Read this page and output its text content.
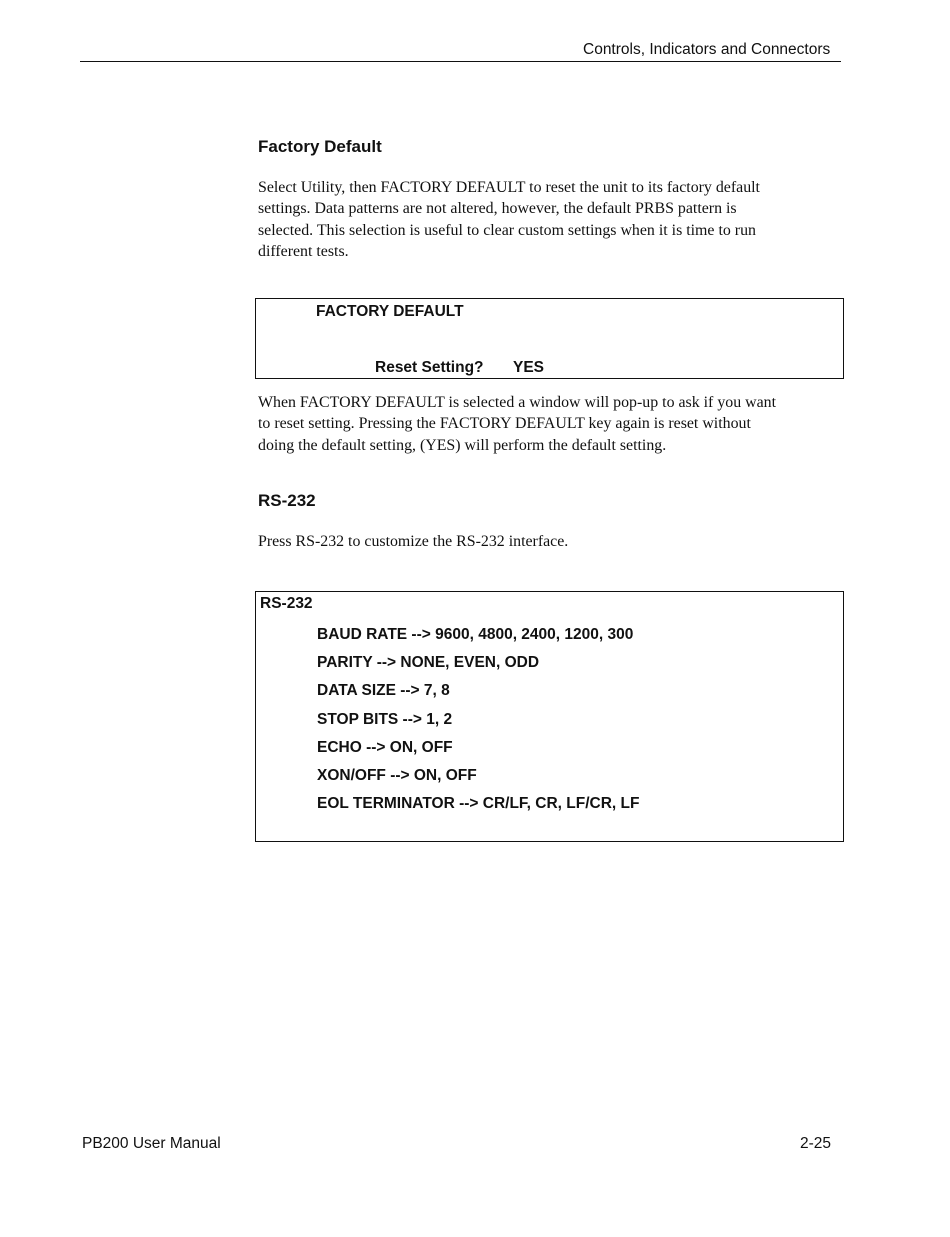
Controls, Indicators and Connectors
Factory Default

Select Utility, then FACTORY DEFAULT to reset the unit to its factory default

settings. Data patterns are not altered, however, the default PRBS pattern is

selected. This selection is useful to clear custom settings when it is time to run

different tests.

FACTORY DEFAULT
Reset Setting? YES

When FACTORY DEFAULT is selected a window will pop-up to ask if you want

to reset setting. Pressing the FACTORY DEFAULT key again is reset without

doing the default setting, (YES) will perform the default setting.

RS-232

Press RS-232 to customize the RS-232 interface.

RS-232
BAUD RATE --> 9600, 4800, 2400, 1200, 300
PARITY --> NONE, EVEN, ODD
DATA SIZE --> 7, 8
STOP BITS --> 1, 2
ECHO --> ON, OFF
XON/OFF --> ON, OFF
EOL TERMINATOR --> CR/LF, CR, LF/CR, LF
PB200 User Manual	2-25
